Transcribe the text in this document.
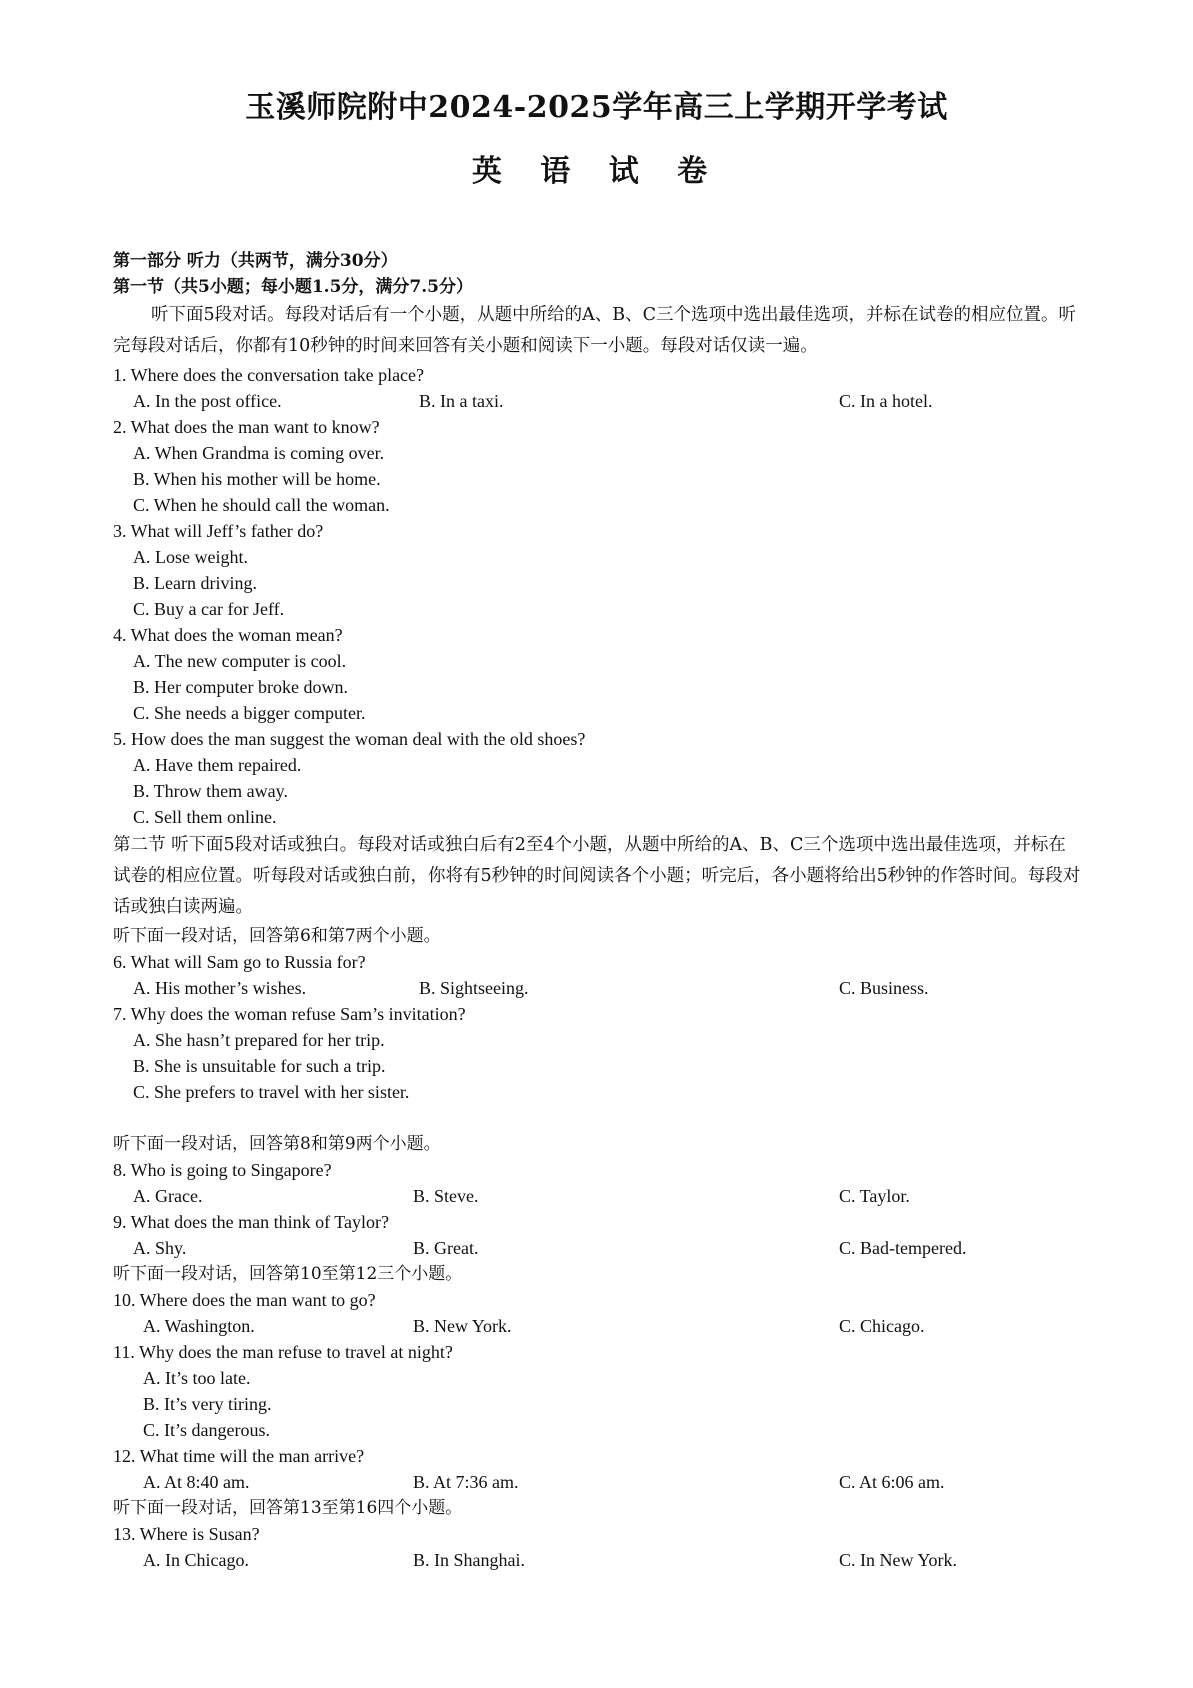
玉溪师院附中2024-2025学年高三上学期开学考试
英 语 试 卷
第一部分 听力（共两节，满分30分）
第一节（共5小题；每小题1.5分，满分7.5分）
听下面5段对话。每段对话后有一个小题，从题中所给的A、B、C三个选项中选出最佳选项，并标在试卷的相应位置。听完每段对话后，你都有10秒钟的时间来回答有关小题和阅读下一小题。每段对话仅读一遍。
1. Where does the conversation take place?
A. In the post office.	B. In a taxi.	C. In a hotel.
2. What does the man want to know?
A. When Grandma is coming over.
B. When his mother will be home.
C. When he should call the woman.
3. What will Jeff’s father do?
A. Lose weight.
B. Learn driving.
C. Buy a car for Jeff.
4. What does the woman mean?
A. The new computer is cool.
B. Her computer broke down.
C. She needs a bigger computer.
5. How does the man suggest the woman deal with the old shoes?
A. Have them repaired.
B. Throw them away.
C. Sell them online.
第二节 听下面5段对话或独白。每段对话或独白后有2至4个小题，从题中所给的A、B、C三个选项中选出最佳选项，并标在试卷的相应位置。听每段对话或独白前，你将有5秒钟的时间阅读各个小题；听完后，各小题将给出5秒钟的作答时间。每段对话或独白读两遍。
听下面一段对话，回答第6和第7两个小题。
6. What will Sam go to Russia for?
A. His mother’s wishes.	B. Sightseeing.	C. Business.
7. Why does the woman refuse Sam’s invitation?
A. She hasn’t prepared for her trip.
B. She is unsuitable for such a trip.
C. She prefers to travel with her sister.
听下面一段对话，回答第8和第9两个小题。
8. Who is going to Singapore?
A. Grace.	B. Steve.	C. Taylor.
9. What does the man think of Taylor?
A. Shy.	B. Great.	C. Bad-tempered.
听下面一段对话，回答第10至第12三个小题。
10. Where does the man want to go?
A. Washington.	B. New York.	C. Chicago.
11. Why does the man refuse to travel at night?
A. It’s too late.
B. It’s very tiring.
C. It’s dangerous.
12. What time will the man arrive?
A. At 8:40 am.	B. At 7:36 am.	C. At 6:06 am.
听下面一段对话，回答第13至第16四个小题。
13. Where is Susan?
A. In Chicago.	B. In Shanghai.	C. In New York.
